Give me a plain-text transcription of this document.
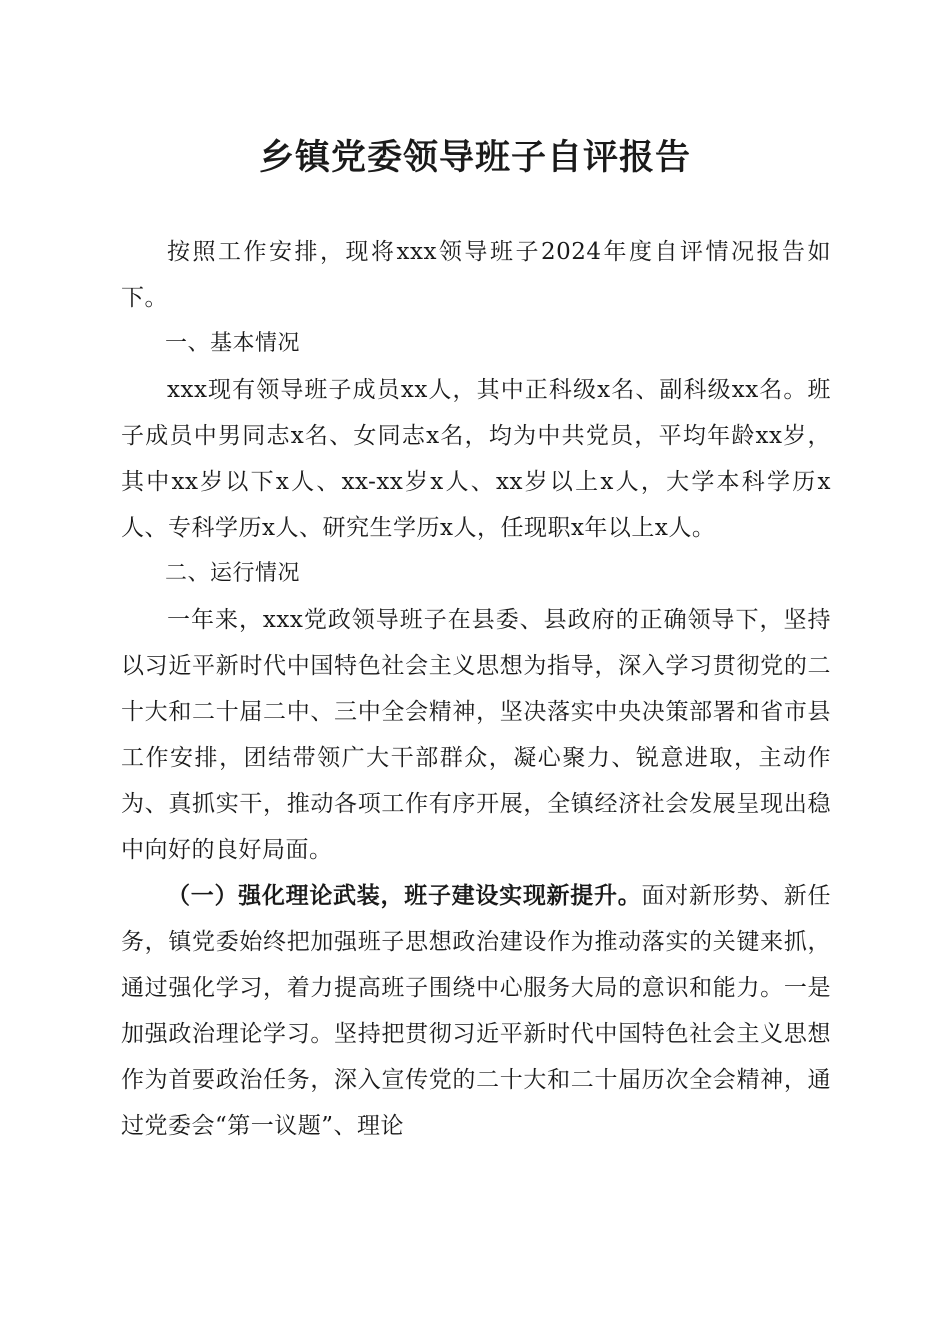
乡镇党委领导班子自评报告

按照工作安排，现将xxx领导班子2024年度自评情况报告如下。

一、基本情况

xxx现有领导班子成员xx人，其中正科级x名、副科级xx名。班子成员中男同志x名、女同志x名，均为中共党员，平均年龄xx岁，其中xx岁以下x人、xx-xx岁x人、xx岁以上x人，大学本科学历x人、专科学历x人、研究生学历x人，任现职x年以上x人。

二、运行情况

一年来，xxx党政领导班子在县委、县政府的正确领导下，坚持以习近平新时代中国特色社会主义思想为指导，深入学习贯彻党的二十大和二十届二中、三中全会精神，坚决落实中央决策部署和省市县工作安排，团结带领广大干部群众，凝心聚力、锐意进取，主动作为、真抓实干，推动各项工作有序开展，全镇经济社会发展呈现出稳中向好的良好局面。

（一）强化理论武装，班子建设实现新提升。面对新形势、新任务，镇党委始终把加强班子思想政治建设作为推动落实的关键来抓，通过强化学习，着力提高班子围绕中心服务大局的意识和能力。一是加强政治理论学习。坚持把贯彻习近平新时代中国特色社会主义思想作为首要政治任务，深入宣传党的二十大和二十届历次全会精神，通过党委会“第一议题”、理论
